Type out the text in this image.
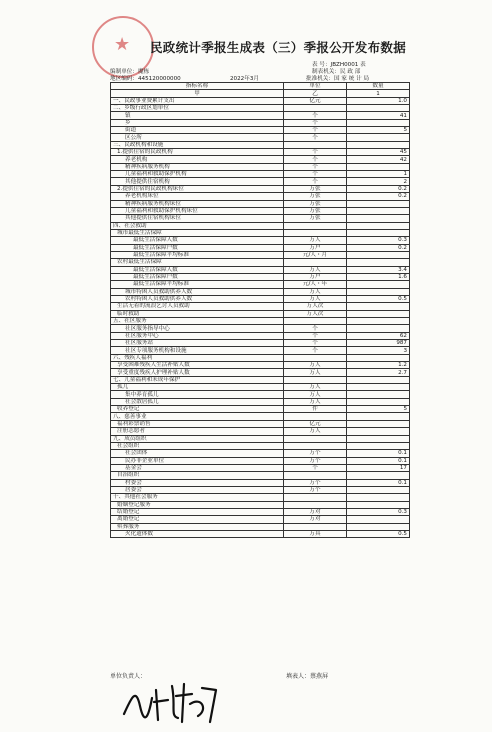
★ 民政统计季报生成表（三）季报公开发布数据
表 号：JBZH0001 表
制表机关：民 政 部
批准机关：国 家 统 计 局
编制单位：魔栋
地区编码：445120000000	2022年3月
指标名称	单位	数量
甲	乙	1
一、民政事业费累计支出	亿元	1.0
二、乡级行政区划单位		
镇	个	41
乡	个	
街道	个	5
区公所	个	
三、民政机构和设施		
1.提供住宿的民政机构	个	45
养老机构	个	42
精神疾病服务机构	个	
儿童福利和救助保护机构	个	1
其他提供住宿机构	个	2
2.提供住宿的民政机构床位	万张	0.2
养老机构床位	万张	0.2
精神疾病服务机构床位	万张	
儿童福利和救助保护机构床位	万张	
其他提供住宿机构床位	万张	
四、社会救助		
城市最低生活保障		
最低生活保障人数	万人	0.3
最低生活保障户数	万户	0.2
最低生活保障平均标准	元/人・月	
农村最低生活保障		
最低生活保障人数	万人	3.4
最低生活保障户数	万户	1.6
最低生活保障平均标准	元/人・年	
城市特困人员救助供养人数	万人	
农村特困人员救助供养人数	万人	0.5
生活无着的流浪乞讨人员救助	万人次	
临时救助	万人次	
五、社区服务		
社区服务指导中心	个	
社区服务中心	个	62
社区服务站	个	987
社区专项服务机构和设施	个	3
六、残疾人福利		
享受困难残疾人生活补贴人数	万人	1.2
享受重度残疾人护理补贴人数	万人	2.7
七、儿童福利和未成年保护		
孤儿	万人	
集中养育孤儿	万人	
社会散居孤儿	万人	
收养登记	件	5
八、慈善事业		
福利彩票销售	亿元	
注册志愿者	万人	
九、成员组织		
社会组织		
社会团体	万个	0.1
民办非企业单位	万个	0.1
基金会	个	17
自治组织		
村委会	万个	0.1
居委会	万个	
十、其他社会服务		
婚姻登记服务		
结婚登记	万对	0.3
离婚登记	万对	
殡葬服务		
火化遗体数	万具	0.5
单位负责人：	填表人：蔡燕屏
